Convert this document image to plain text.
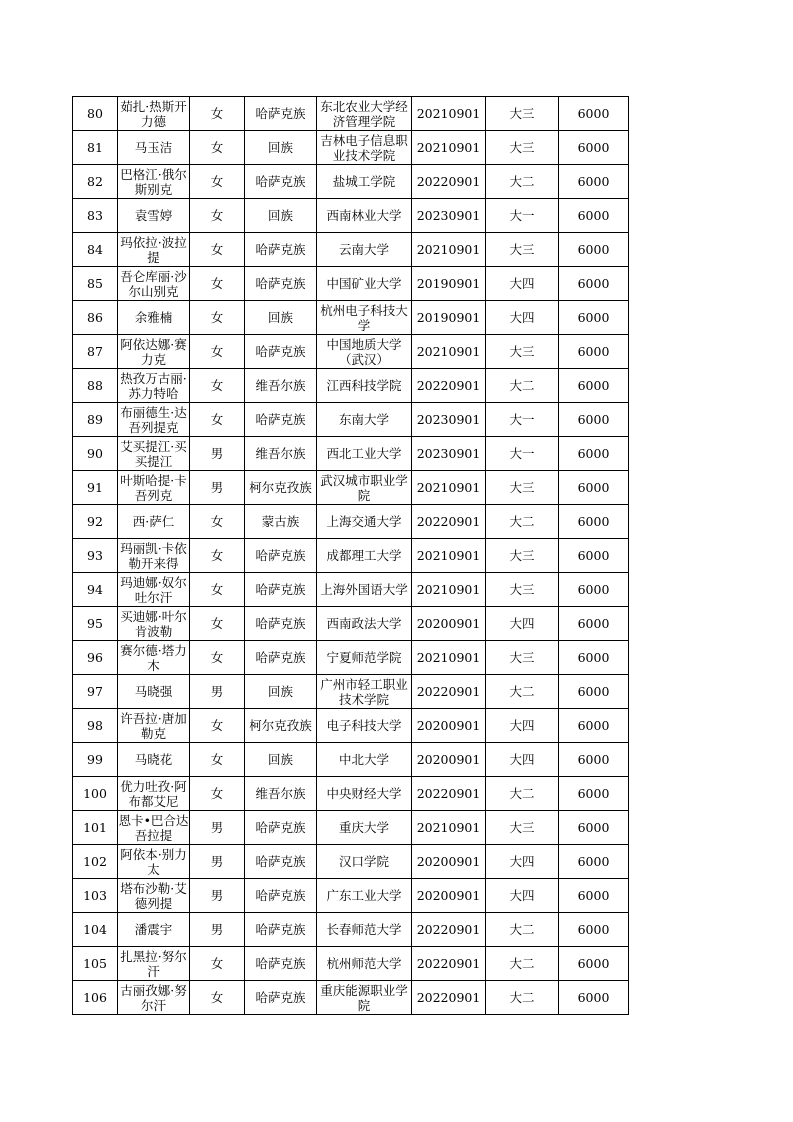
80	茹扎·热斯开力德	女	哈萨克族	东北农业大学经济管理学院	20210901	大三	6000
81	马玉洁	女	回族	吉林电子信息职业技术学院	20210901	大三	6000
82	巴格江·俄尔斯别克	女	哈萨克族	盐城工学院	20220901	大二	6000
83	袁雪婷	女	回族	西南林业大学	20230901	大一	6000
84	玛依拉·波拉提	女	哈萨克族	云南大学	20210901	大三	6000
85	吾仑库丽·沙尔山别克	女	哈萨克族	中国矿业大学	20190901	大四	6000
86	余雅楠	女	回族	杭州电子科技大学	20190901	大四	6000
87	阿依达娜·赛力克	女	哈萨克族	中国地质大学（武汉）	20210901	大三	6000
88	热孜万古丽·苏力特哈	女	维吾尔族	江西科技学院	20220901	大二	6000
89	布丽德生·达吾列提克	女	哈萨克族	东南大学	20230901	大一	6000
90	艾买提江·买买提江	男	维吾尔族	西北工业大学	20230901	大一	6000
91	叶斯哈提·卡吾列克	男	柯尔克孜族	武汉城市职业学院	20210901	大三	6000
92	西·萨仁	女	蒙古族	上海交通大学	20220901	大二	6000
93	玛丽凯·卡依勒开来得	女	哈萨克族	成都理工大学	20210901	大三	6000
94	玛迪娜·奴尔吐尔汗	女	哈萨克族	上海外国语大学	20210901	大三	6000
95	买迪娜·叶尔肯波勒	女	哈萨克族	西南政法大学	20200901	大四	6000
96	赛尔德·塔力木	女	哈萨克族	宁夏师范学院	20210901	大三	6000
97	马晓强	男	回族	广州市轻工职业技术学院	20220901	大二	6000
98	许吾拉·唐加勒克	女	柯尔克孜族	电子科技大学	20200901	大四	6000
99	马晓花	女	回族	中北大学	20200901	大四	6000
100	优力吐孜·阿布都艾尼	女	维吾尔族	中央财经大学	20220901	大二	6000
101	恩卡•巴合达吾拉提	男	哈萨克族	重庆大学	20210901	大三	6000
102	阿依本·别力太	男	哈萨克族	汉口学院	20200901	大四	6000
103	塔布沙勒·艾德列提	男	哈萨克族	广东工业大学	20200901	大四	6000
104	潘震宇	男	哈萨克族	长春师范大学	20220901	大二	6000
105	扎黑拉·努尔汗	女	哈萨克族	杭州师范大学	20220901	大二	6000
106	古丽孜娜·努尔汗	女	哈萨克族	重庆能源职业学院	20220901	大二	6000
